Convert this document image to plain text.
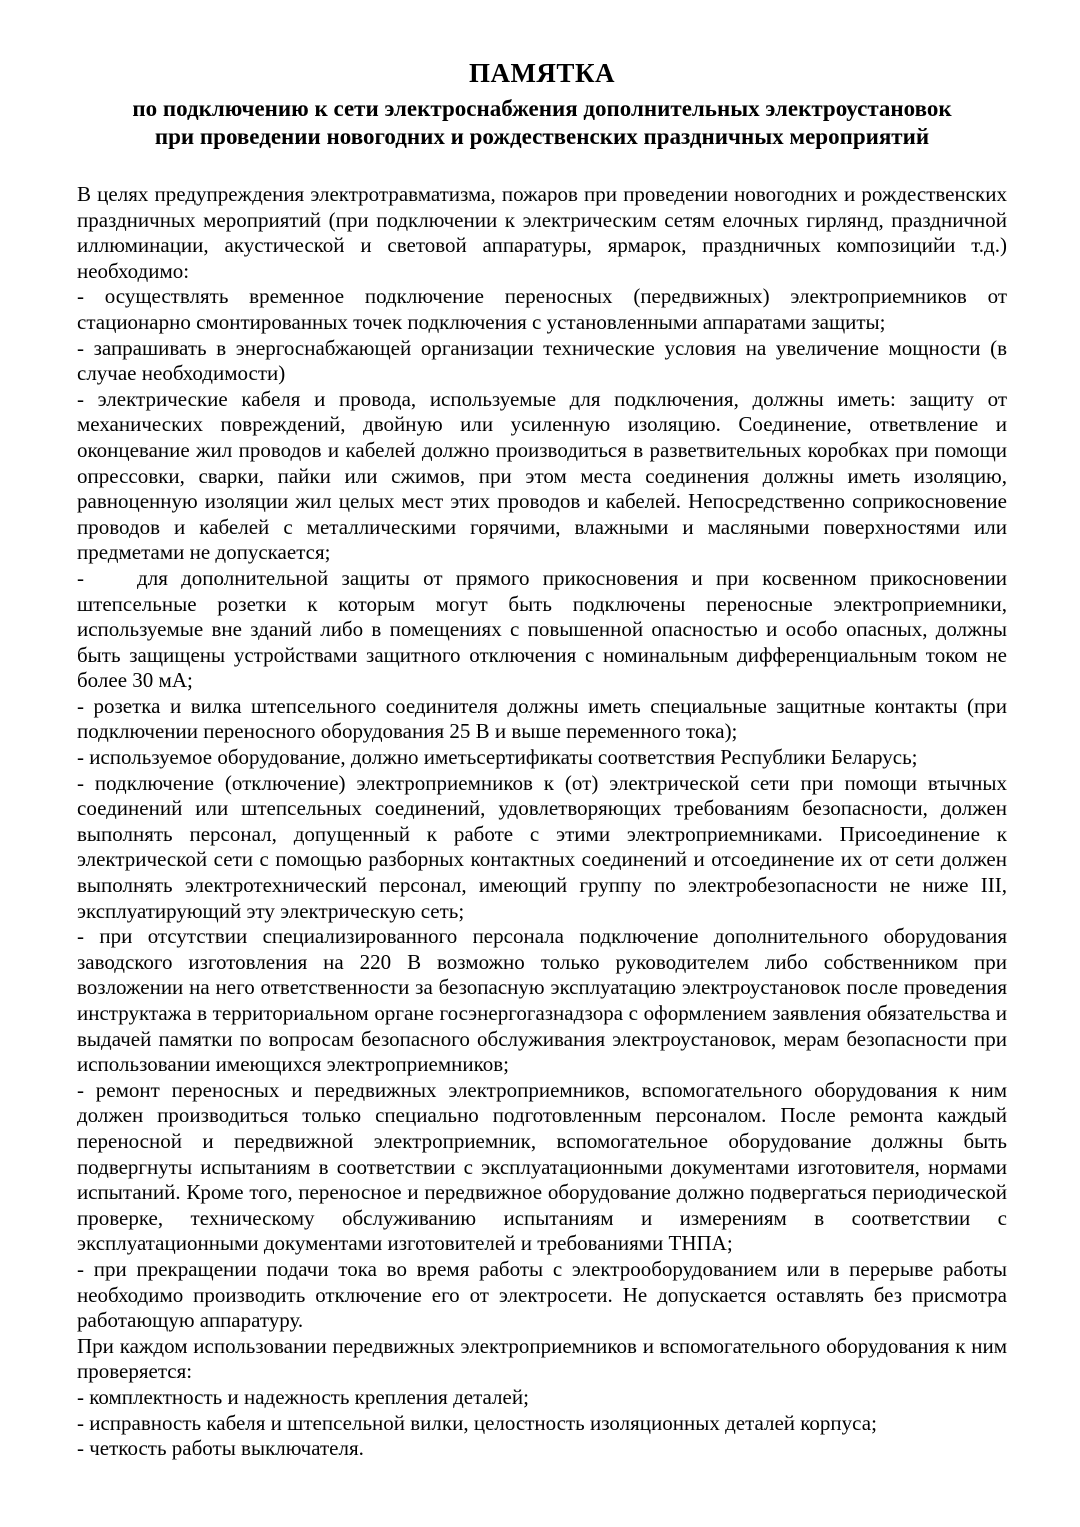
ПАМЯТКА
по подключению к сети электроснабжения дополнительных электроустановок
при проведении новогодних и рождественских праздничных мероприятий

В целях предупреждения электротравматизма, пожаров при проведении новогодних и рождественских праздничных мероприятий (при подключении к электрическим сетям елочных гирлянд, праздничной иллюминации, акустической и световой аппаратуры, ярмарок, праздничных композицийи т.д.) необходимо:

- осуществлять временное подключение переносных (передвижных) электроприемников от стационарно смонтированных точек подключения с установленными аппаратами защиты;

- запрашивать в энергоснабжающей организации технические условия на увеличение мощности (в случае необходимости)

- электрические кабеля и провода, используемые для подключения, должны иметь: защиту от механических повреждений, двойную или усиленную изоляцию. Соединение, ответвление и оконцевание жил проводов и кабелей должно производиться в разветвительных коробках при помощи опрессовки, сварки, пайки или сжимов, при этом места соединения должны иметь изоляцию, равноценную изоляции жил целых мест этих проводов и кабелей. Непосредственно соприкосновение проводов и кабелей с металлическими горячими, влажными и масляными поверхностями или предметами не допускается;

-    для дополнительной защиты от прямого прикосновения и при косвенном прикосновении штепсельные розетки к которым могут быть подключены переносные электроприемники, используемые вне зданий либо в помещениях с повышенной опасностью и особо опасных, должны быть защищены устройствами защитного отключения с номинальным дифференциальным током не более 30 мА;

- розетка и вилка штепсельного соединителя должны иметь специальные защитные контакты (при подключении переносного оборудования 25 В и выше переменного тока);

- используемое оборудование, должно иметьсертификаты соответствия Республики Беларусь;

- подключение (отключение) электроприемников к (от) электрической сети при помощи втычных соединений или штепсельных соединений, удовлетворяющих требованиям безопасности, должен выполнять персонал, допущенный к работе с этими электроприемниками. Присоединение к электрической сети с помощью разборных контактных соединений и отсоединение их от сети должен выполнять электротехнический персонал, имеющий группу по электробезопасности не ниже III, эксплуатирующий эту электрическую сеть;

- при отсутствии специализированного персонала подключение дополнительного оборудования заводского изготовления на 220 В возможно только руководителем либо собственником при возложении на него ответственности за безопасную эксплуатацию электроустановок после проведения инструктажа в территориальном органе госэнергогазнадзора с оформлением заявления обязательства и выдачей памятки по вопросам безопасного обслуживания электроустановок, мерам безопасности при использовании имеющихся электроприемников;

- ремонт переносных и передвижных электроприемников, вспомогательного оборудования к ним должен производиться только специально подготовленным персоналом. После ремонта каждый переносной и передвижной электроприемник, вспомогательное оборудование должны быть подвергнуты испытаниям в соответствии с эксплуатационными документами изготовителя, нормами испытаний. Кроме того, переносное и передвижное оборудование должно подвергаться периодической проверке, техническому обслуживанию испытаниям и измерениям в соответствии с эксплуатационными документами изготовителей и требованиями ТНПА;

- при прекращении подачи тока во время работы с электрооборудованием или в перерыве работы необходимо производить отключение его от электросети. Не допускается оставлять без присмотра работающую аппаратуру.

При каждом использовании передвижных электроприемников и вспомогательного оборудования к ним проверяется:

- комплектность и надежность крепления деталей;

- исправность кабеля и штепсельной вилки, целостность изоляционных деталей корпуса;

- четкость работы выключателя.
